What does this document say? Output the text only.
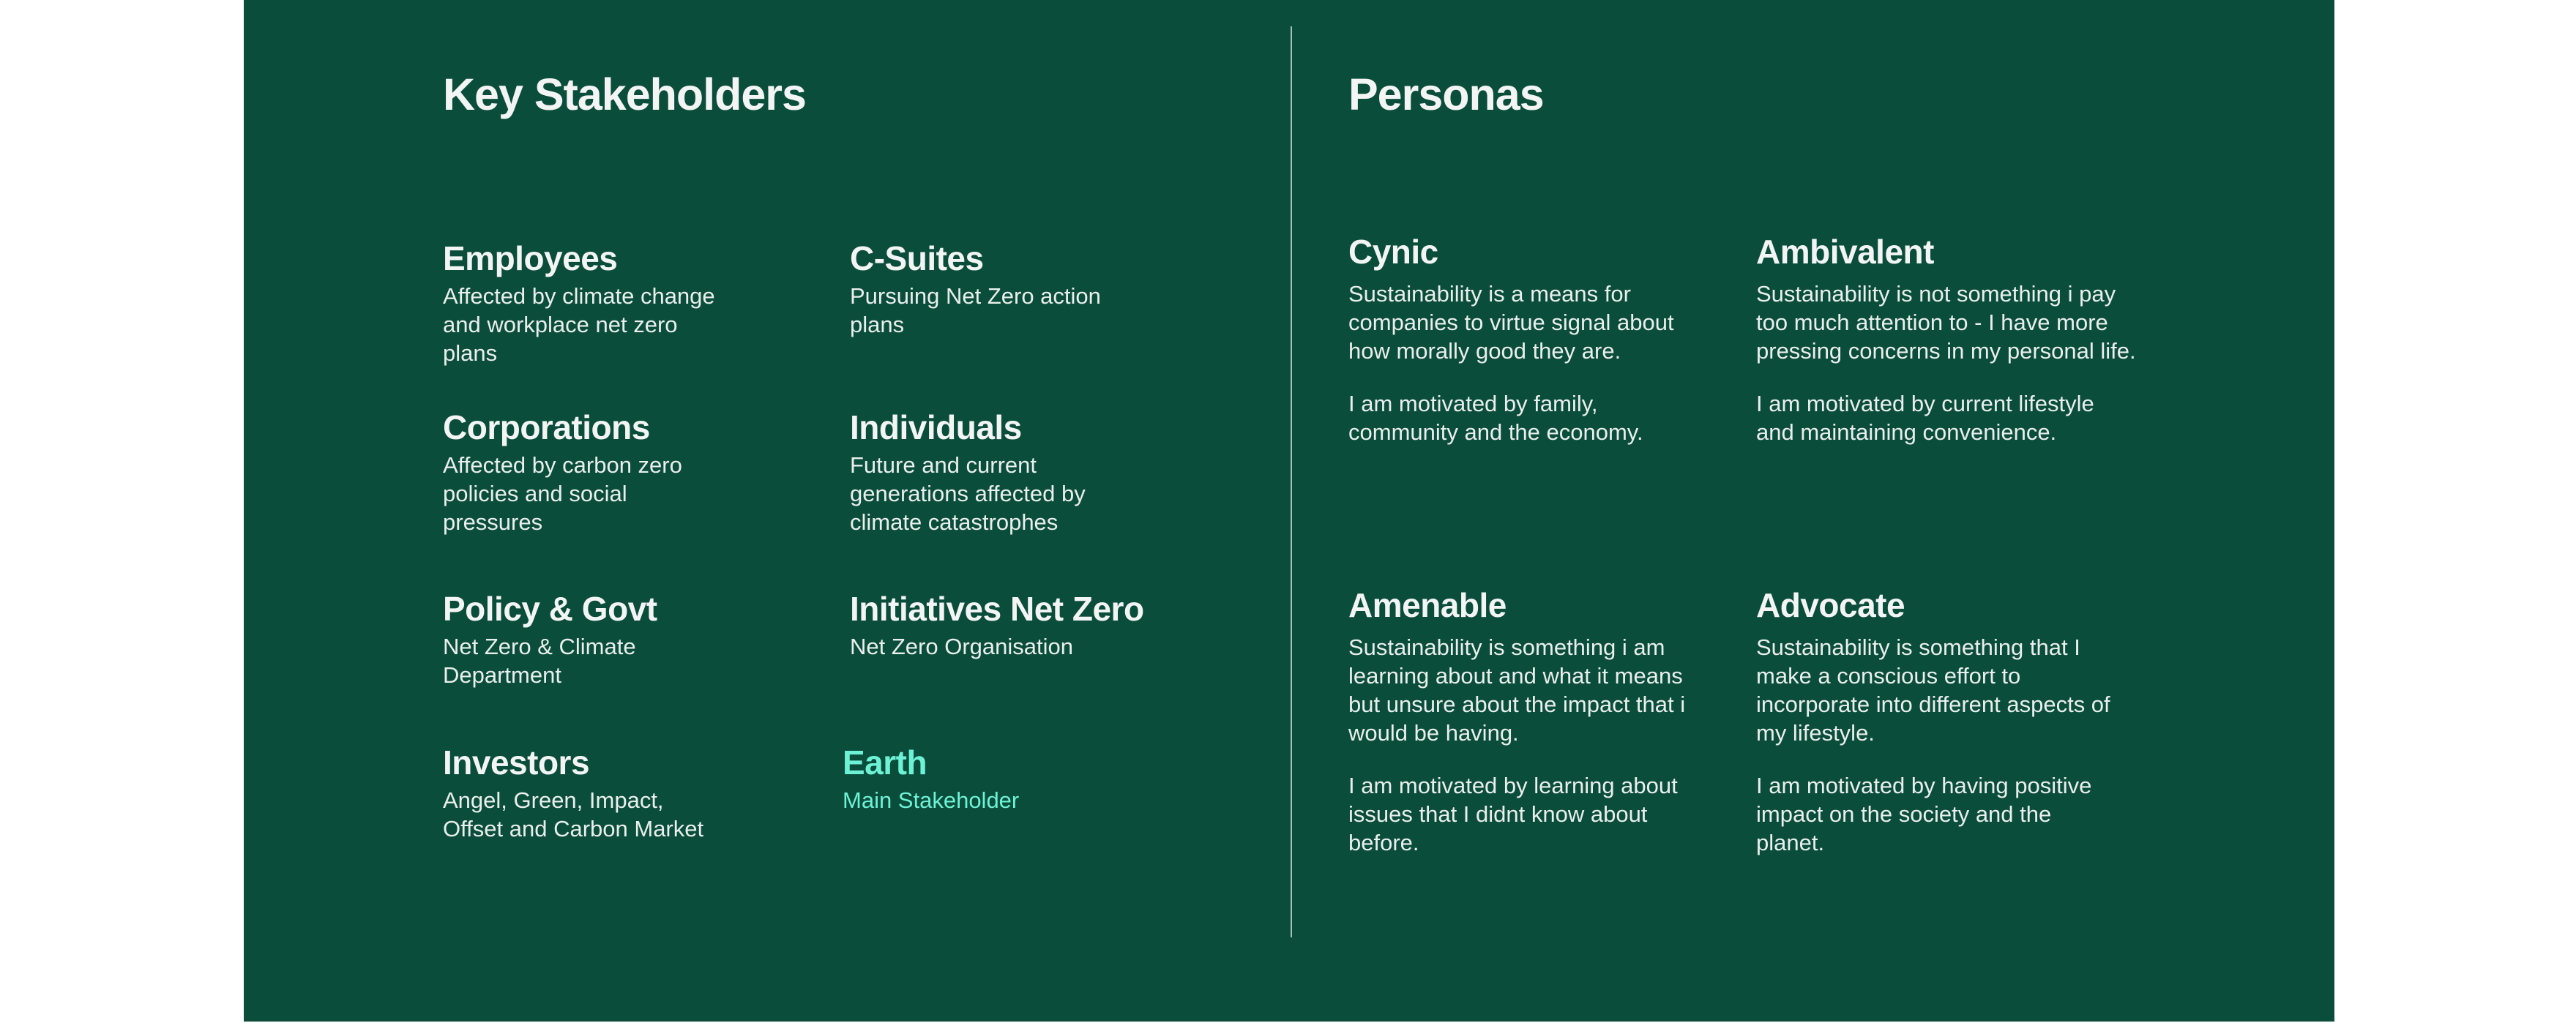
Key Stakeholders
Employees

Affected by climate change
and workplace net zero
plans

C-Suites

Pursuing Net Zero action
plans

Corporations

Affected by carbon zero
policies and social
pressures

Individuals

Future and current
generations affected by
climate catastrophes

Policy & Govt

Net Zero & Climate
Department

Initiatives Net Zero

Net Zero Organisation

Investors

Angel, Green, Impact,
Offset and Carbon Market

Earth

Main Stakeholder

Personas
Cynic

Sustainability is a means for
companies to virtue signal about
how morally good they are.

I am motivated by family,
community and the economy.

Ambivalent

Sustainability is not something i pay
too much attention to - I have more
pressing concerns in my personal life.

I am motivated by current lifestyle
and maintaining convenience.

Amenable

Sustainability is something i am
learning about and what it means
but unsure about the impact that i
would be having.

I am motivated by learning about
issues that I didnt know about
before.

Advocate

Sustainability is something that I
make a conscious effort to
incorporate into different aspects of
my lifestyle.

I am motivated by having positive
impact on the society and the
planet.
